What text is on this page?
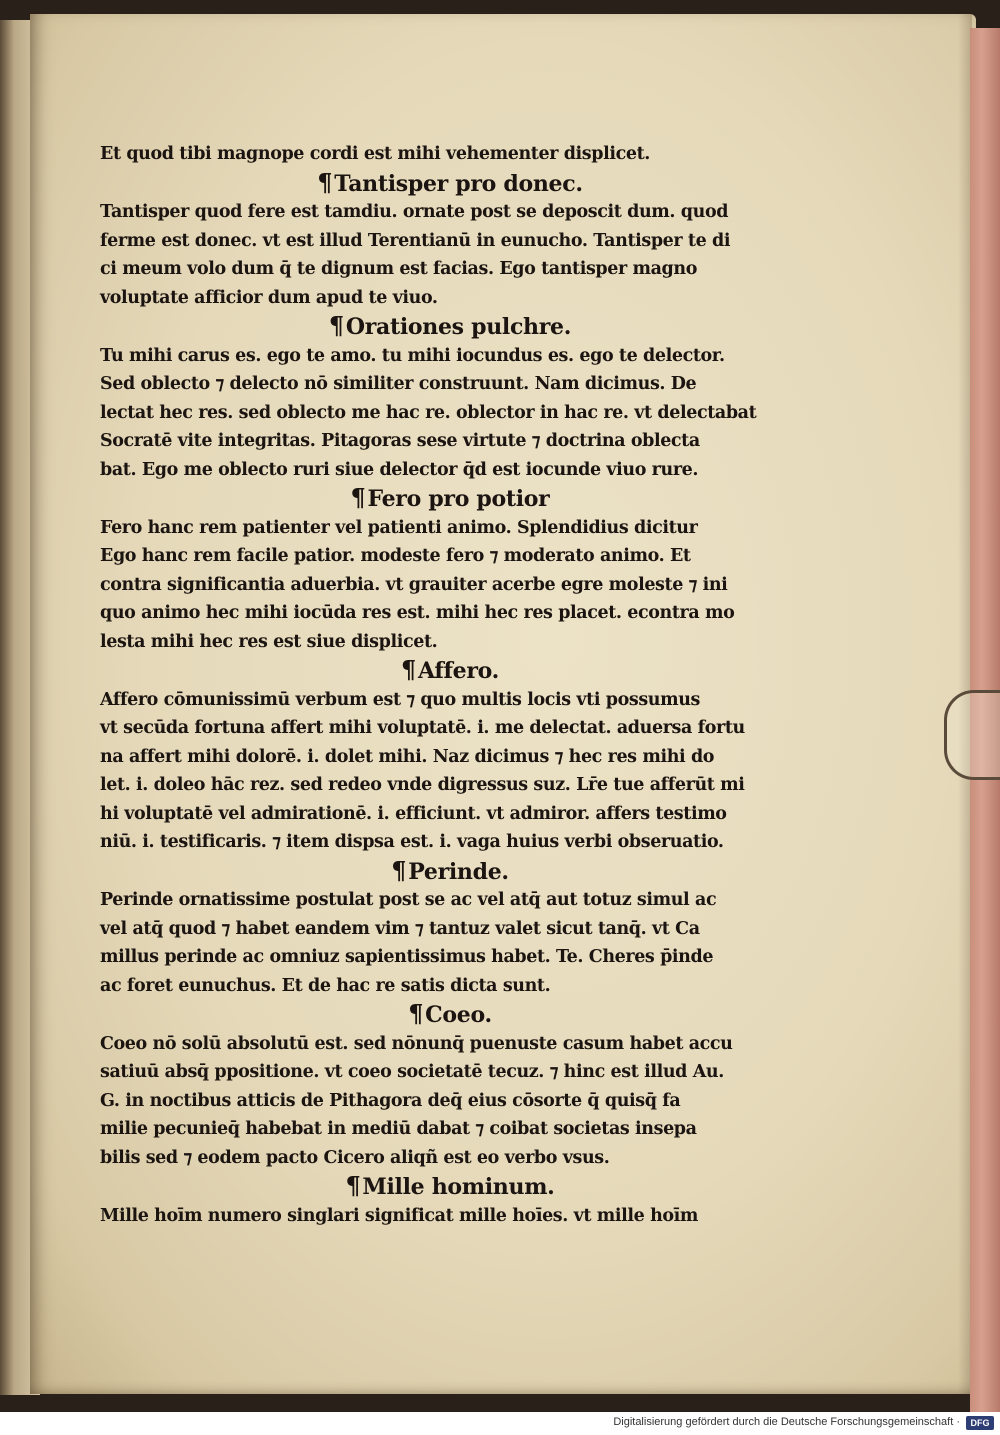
Et quod tibi magnope cordi est mihi vehementer displicet.
¶Tantisper pro donec.
Tantisper quod fere est tamdiu. ornate post se deposcit dum. quod
ferme est donec. vt est illud Terentianū in eunucho. Tantisper te di
ci meum volo dum q̄ te dignum est facias. Ego tantisper magno
voluptate afficior dum apud te viuo.
¶Orationes pulchre.
Tu mihi carus es. ego te amo. tu mihi iocundus es. ego te delector.
Sed oblecto ⁊ delecto nō similiter construunt. Nam dicimus. De
lectat hec res. sed oblecto me hac re. oblector in hac re. vt delectabat
Socratē vite integritas. Pitagoras sese virtute ⁊ doctrina oblecta
bat. Ego me oblecto ruri siue delector q̄d est iocunde viuo rure.
¶Fero pro potior
Fero hanc rem patienter vel patienti animo. Splendidius dicitur
Ego hanc rem facile patior. modeste fero ⁊ moderato animo. Et
contra significantia aduerbia. vt grauiter acerbe egre moleste ⁊ ini
quo animo hec mihi iocūda res est. mihi hec res placet. econtra mo
lesta mihi hec res est siue displicet.
¶Affero.
Affero cōmunissimū verbum est ⁊ quo multis locis vti possumus
vt secūda fortuna affert mihi voluptatē. i. me delectat. aduersa fortu
na affert mihi dolorē. i. dolet mihi. Naz dicimus ⁊ hec res mihi do
let. i. doleo hāc rez. sed redeo vnde digressus suz. Lr̄e tue afferūt mi
hi voluptatē vel admirationē. i. efficiunt. vt admiror. affers testimo
niū. i. testificaris. ⁊ item dispsa est. i. vaga huius verbi obseruatio.
¶Perinde.
Perinde ornatissime postulat post se ac vel atq̄ aut totuz simul ac
vel atq̄ quod ⁊ habet eandem vim ⁊ tantuz valet sicut tanq̄. vt Ca
millus perinde ac omniuz sapientissimus habet. Te. Cheres p̄inde
ac foret eunuchus. Et de hac re satis dicta sunt.
¶Coeo.
Coeo nō solū absolutū est. sed nōnunq̄ puenuste casum habet accu
satiuū absq̄ ppositione. vt coeo societatē tecuz. ⁊ hinc est illud Au.
G. in noctibus atticis de Pithagora deq̄ eius cōsorte q̄ quisq̄ fa
milie pecunieq̄ habebat in mediū dabat ⁊ coibat societas insepa
bilis sed ⁊ eodem pacto Cicero aliqñ est eo verbo vsus.
¶Mille hominum.
Mille hoīm numero singlari significat mille hoīes. vt mille hoīm
Digitalisierung gefördert durch die Deutsche Forschungsgemeinschaft ·	DFG
